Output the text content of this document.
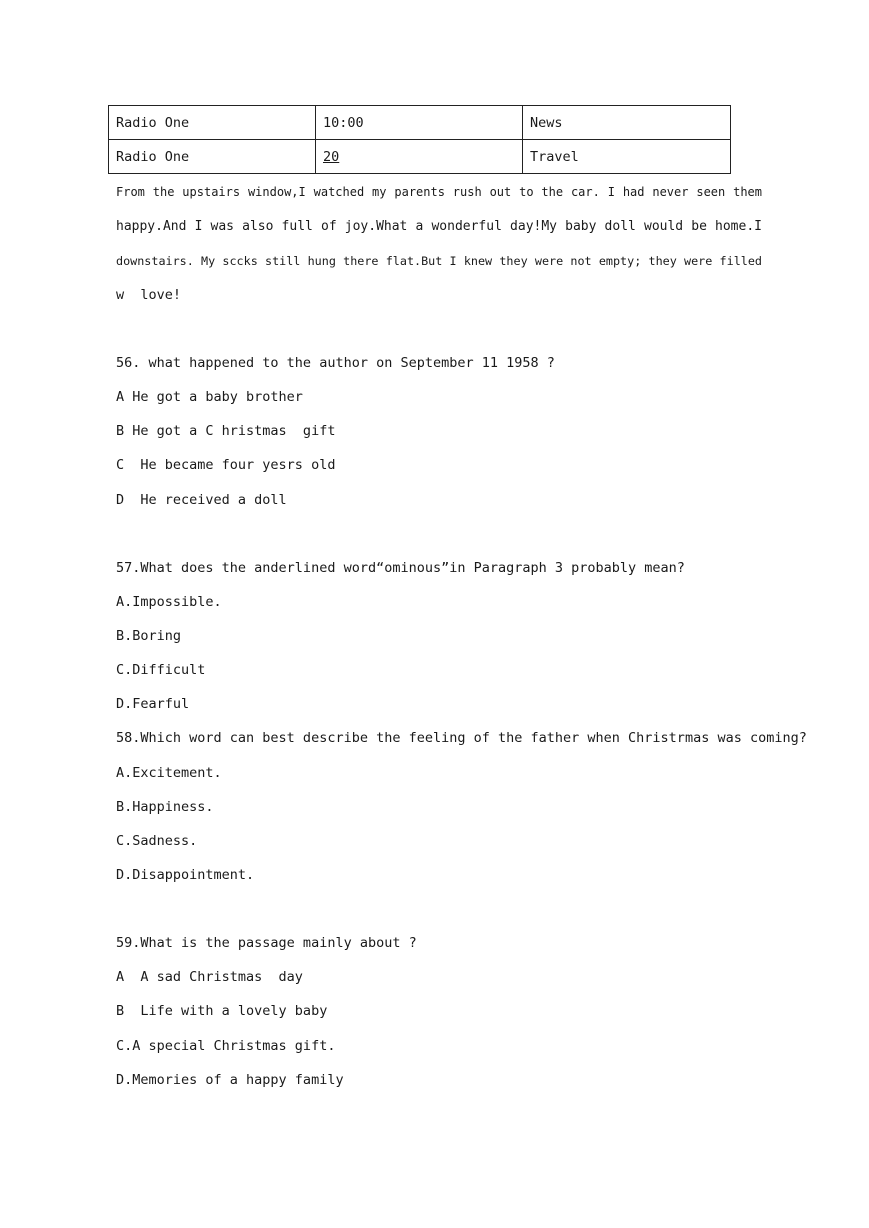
Radio One	10:00	News
Radio One	20	Travel
From the upstairs window,I watched my parents rush out to the car. I had never seen them
happy.And I was also full of joy.What a wonderful day!My baby doll would be home.I
downstairs. My sccks still hung there flat.But I knew they were not empty; they were filled
w  love!
56. what happened to the author on September 11 1958 ?
A He got a baby brother
B He got a C hristmas  gift
C  He became four yesrs old
D  He received a doll
57.What does the anderlined word“ominous”in Paragraph 3 probably mean?
A.Impossible.
B.Boring
C.Difficult
D.Fearful
58.Which word can best describe the feeling of the father when Christrmas was coming?
A.Excitement.
B.Happiness.
C.Sadness.
D.Disappointment.
59.What is the passage mainly about ?
A  A sad Christmas  day
B  Life with a lovely baby
C.A special Christmas gift.
D.Memories of a happy family
